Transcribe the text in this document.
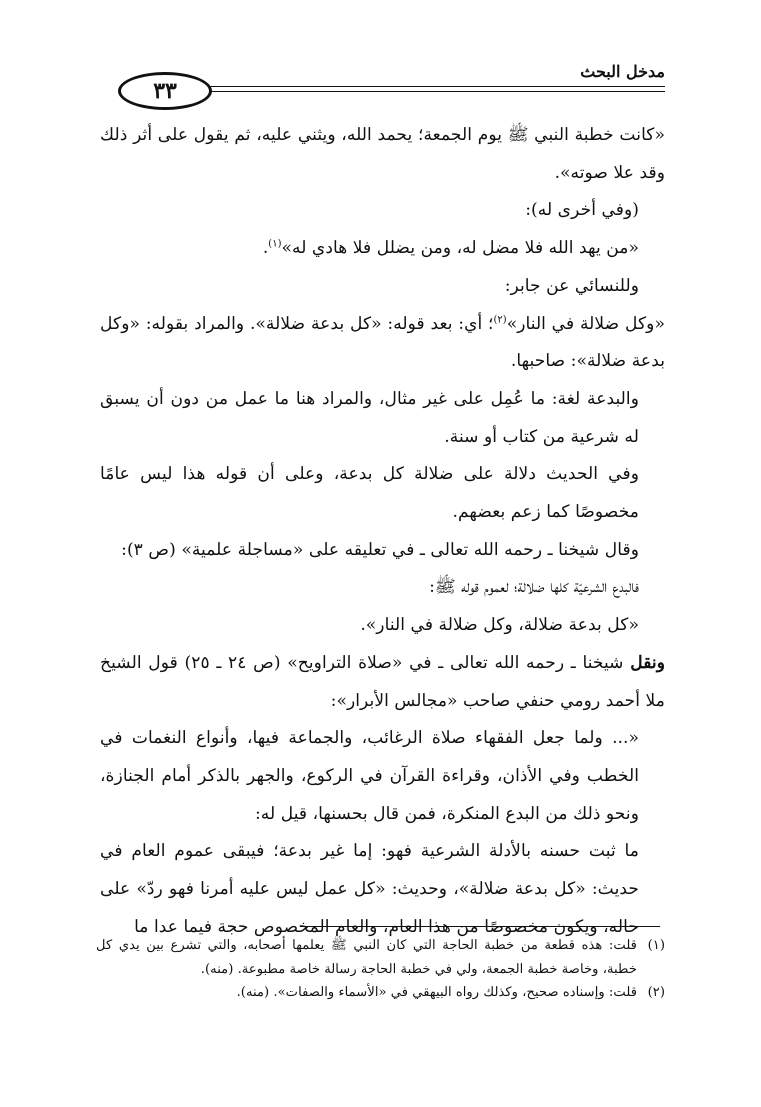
مدخل البحث
٣٣

«كانت خطبة النبي ﷺ يوم الجمعة؛ يحمد الله، ويثني عليه، ثم يقول على أثر ذلك وقد علا صوته».

(وفي أخرى له):

«من يهد الله فلا مضل له، ومن يضلل فلا هادي له»$^{(١)}$.

وللنسائي عن جابر:

«وكل ضلالة في النار»$^{(٢)}$؛ أي: بعد قوله: «كل بدعة ضلالة». والمراد بقوله: «وكل بدعة ضلالة»: صاحبها.

والبدعة لغة: ما عُمِل على غير مثال، والمراد هنا ما عمل من دون أن يسبق له شرعية من كتاب أو سنة.

وفي الحديث دلالة على ضلالة كل بدعة، وعلى أن قوله هذا ليس عامًا مخصوصًا كما زعم بعضهم.

وقال شيخنا ـ رحمه الله تعالى ـ في تعليقه على «مساجلة علمية» (ص ٣):

فالبدع الشرعيّة كلها ضلالة؛ لعموم قوله ﷺ:

«كل بدعة ضلالة، وكل ضلالة في النار».

ونقل شيخنا ـ رحمه الله تعالى ـ في «صلاة التراويح» (ص ٢٤ ـ ٢٥) قول الشيخ ملا أحمد رومي حنفي صاحب «مجالس الأبرار»:

«... ولما جعل الفقهاء صلاة الرغائب، والجماعة فيها، وأنواع النغمات في الخطب وفي الأذان، وقراءة القرآن في الركوع، والجهر بالذكر أمام الجنازة، ونحو ذلك من البدع المنكرة، فمن قال بحسنها، قيل له:

ما ثبت حسنه بالأدلة الشرعية فهو: إما غير بدعة؛ فيبقى عموم العام في حديث: «كل بدعة ضلالة»، وحديث: «كل عمل ليس عليه أمرنا فهو ردّ» على حاله، ويكون مخصوصًا من هذا العام، والعام المخصوص حجة فيما عدا ما

(١)
قلت: هذه قطعة من خطبة الحاجة التي كان النبي ﷺ يعلمها أصحابه، والتي تشرع بين يدي كل خطبة، وخاصة خطبة الجمعة، ولي في خطبة الحاجة رسالة خاصة مطبوعة. (منه).

(٢)
قلت: وإسناده صحيح، وكذلك رواه البيهقي في «الأسماء والصفات». (منه).
